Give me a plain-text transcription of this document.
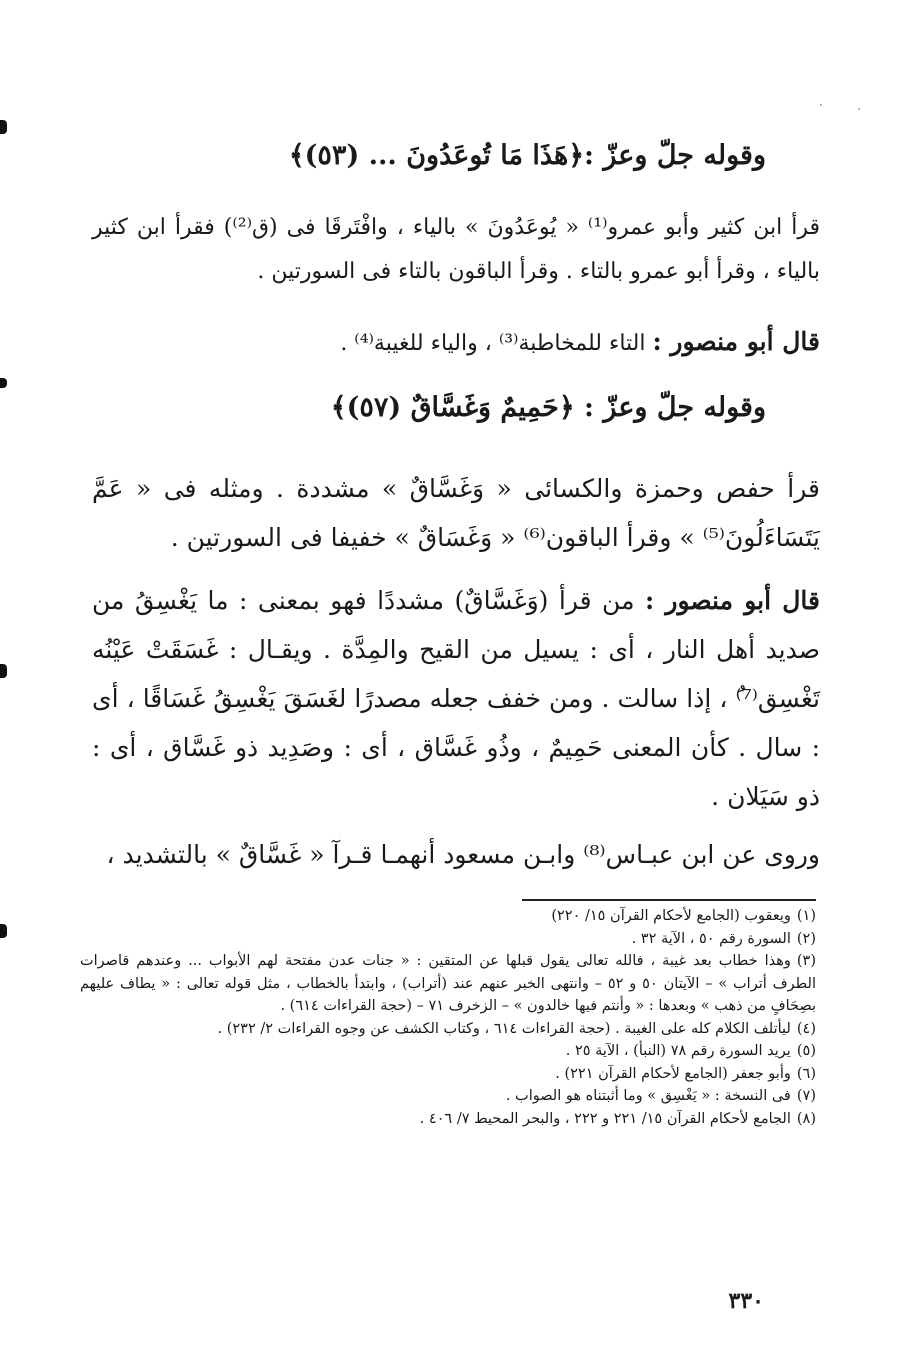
وقوله جلّ وعزّ :﴿هَذَا مَا تُوعَدُونَ ... (٥٣)﴾
قرأ ابن كثير وأبو عمرو⁽¹⁾ « يُوعَدُونَ » بالياء ، وافْتَرقَا فى (ق⁽²⁾) فقرأ ابن كثير بالياء ، وقرأ أبو عمرو بالتاء . وقرأ الباقون بالتاء فى السورتين .
قال أبو منصور : التاء للمخاطبة⁽³⁾ ، والياء للغيبة⁽⁴⁾ .
وقوله جلّ وعزّ : ﴿حَمِيمٌ وَغَسَّاقٌ (٥٧)﴾
قرأ حفص وحمزة والكسائى « وَغَسَّاقٌ » مشددة . ومثله فى « عَمَّ يَتَسَاءَلُونَ⁽⁵⁾ » وقرأ الباقون⁽⁶⁾ « وَغَسَاقٌ » خفيفا فى السورتين .
قال أبو منصور : من قرأ (وَغَسَّاقٌ) مشددًا فهو بمعنى : ما يَغْسِقُ من صديد أهل النار ، أى : يسيل من القيح والمِدَّة . ويقـال : غَسَقَتْ عَيْنُه تَغْسِق⁽⁷⁾ُ ، إذا سالت . ومن خفف جعله مصدرًا لغَسَقَ يَغْسِقُ غَسَاقًا ، أى : سال . كأن المعنى حَمِيمٌ ، وذُو غَسَّاق ، أى : وصَدِيد ذو غَسَّاق ، أى : ذو سَيَلان .
وروى عن ابن عبـاس⁽⁸⁾ وابـن مسعود أنهمـا قـرآ « غَسَّاقٌ » بالتشديد ،

(١)ويعقوب (الجامع لأحكام القرآن ١٥/ ٢٢٠)

(٢)السورة رقم ٥٠ ، الآية ٣٢ .

(٣)وهذا خطاب بعد غيبة ، فالله تعالى يقول قبلها عن المتقين : « جنات عدن مفتحة لهم الأبواب ... وعندهم قاصرات الطرف أتراب » – الآيتان ٥٠ و ٥٢ – وانتهى الخبر عنهم عند (أتراب) ، وابتدأ بالخطاب ، مثل قوله تعالى : « يطاف عليهم بصِحَافٍ من ذهب » وبعدها : « وأنتم فيها خالدون » – الزخرف ٧١ – (حجة القراءات ٦١٤) .

(٤)ليأتلف الكلام كله على الغيبة . (حجة القراءات ٦١٤ ، وكتاب الكشف عن وجوه القراءات ٢/ ٢٣٢) .

(٥)يريد السورة رقم ٧٨ (النبأ) ، الآية ٢٥ .

(٦)وأبو جعفر (الجامع لأحكام القرآن ٢٢١) .

(٧)فى النسخة : « يَغْسِق » وما أثبتناه هو الصواب .

(٨)الجامع لأحكام القرآن ١٥/ ٢٢١ و ٢٢٢ ، والبحر المحيط ٧/ ٤٠٦ .

٣٣٠
